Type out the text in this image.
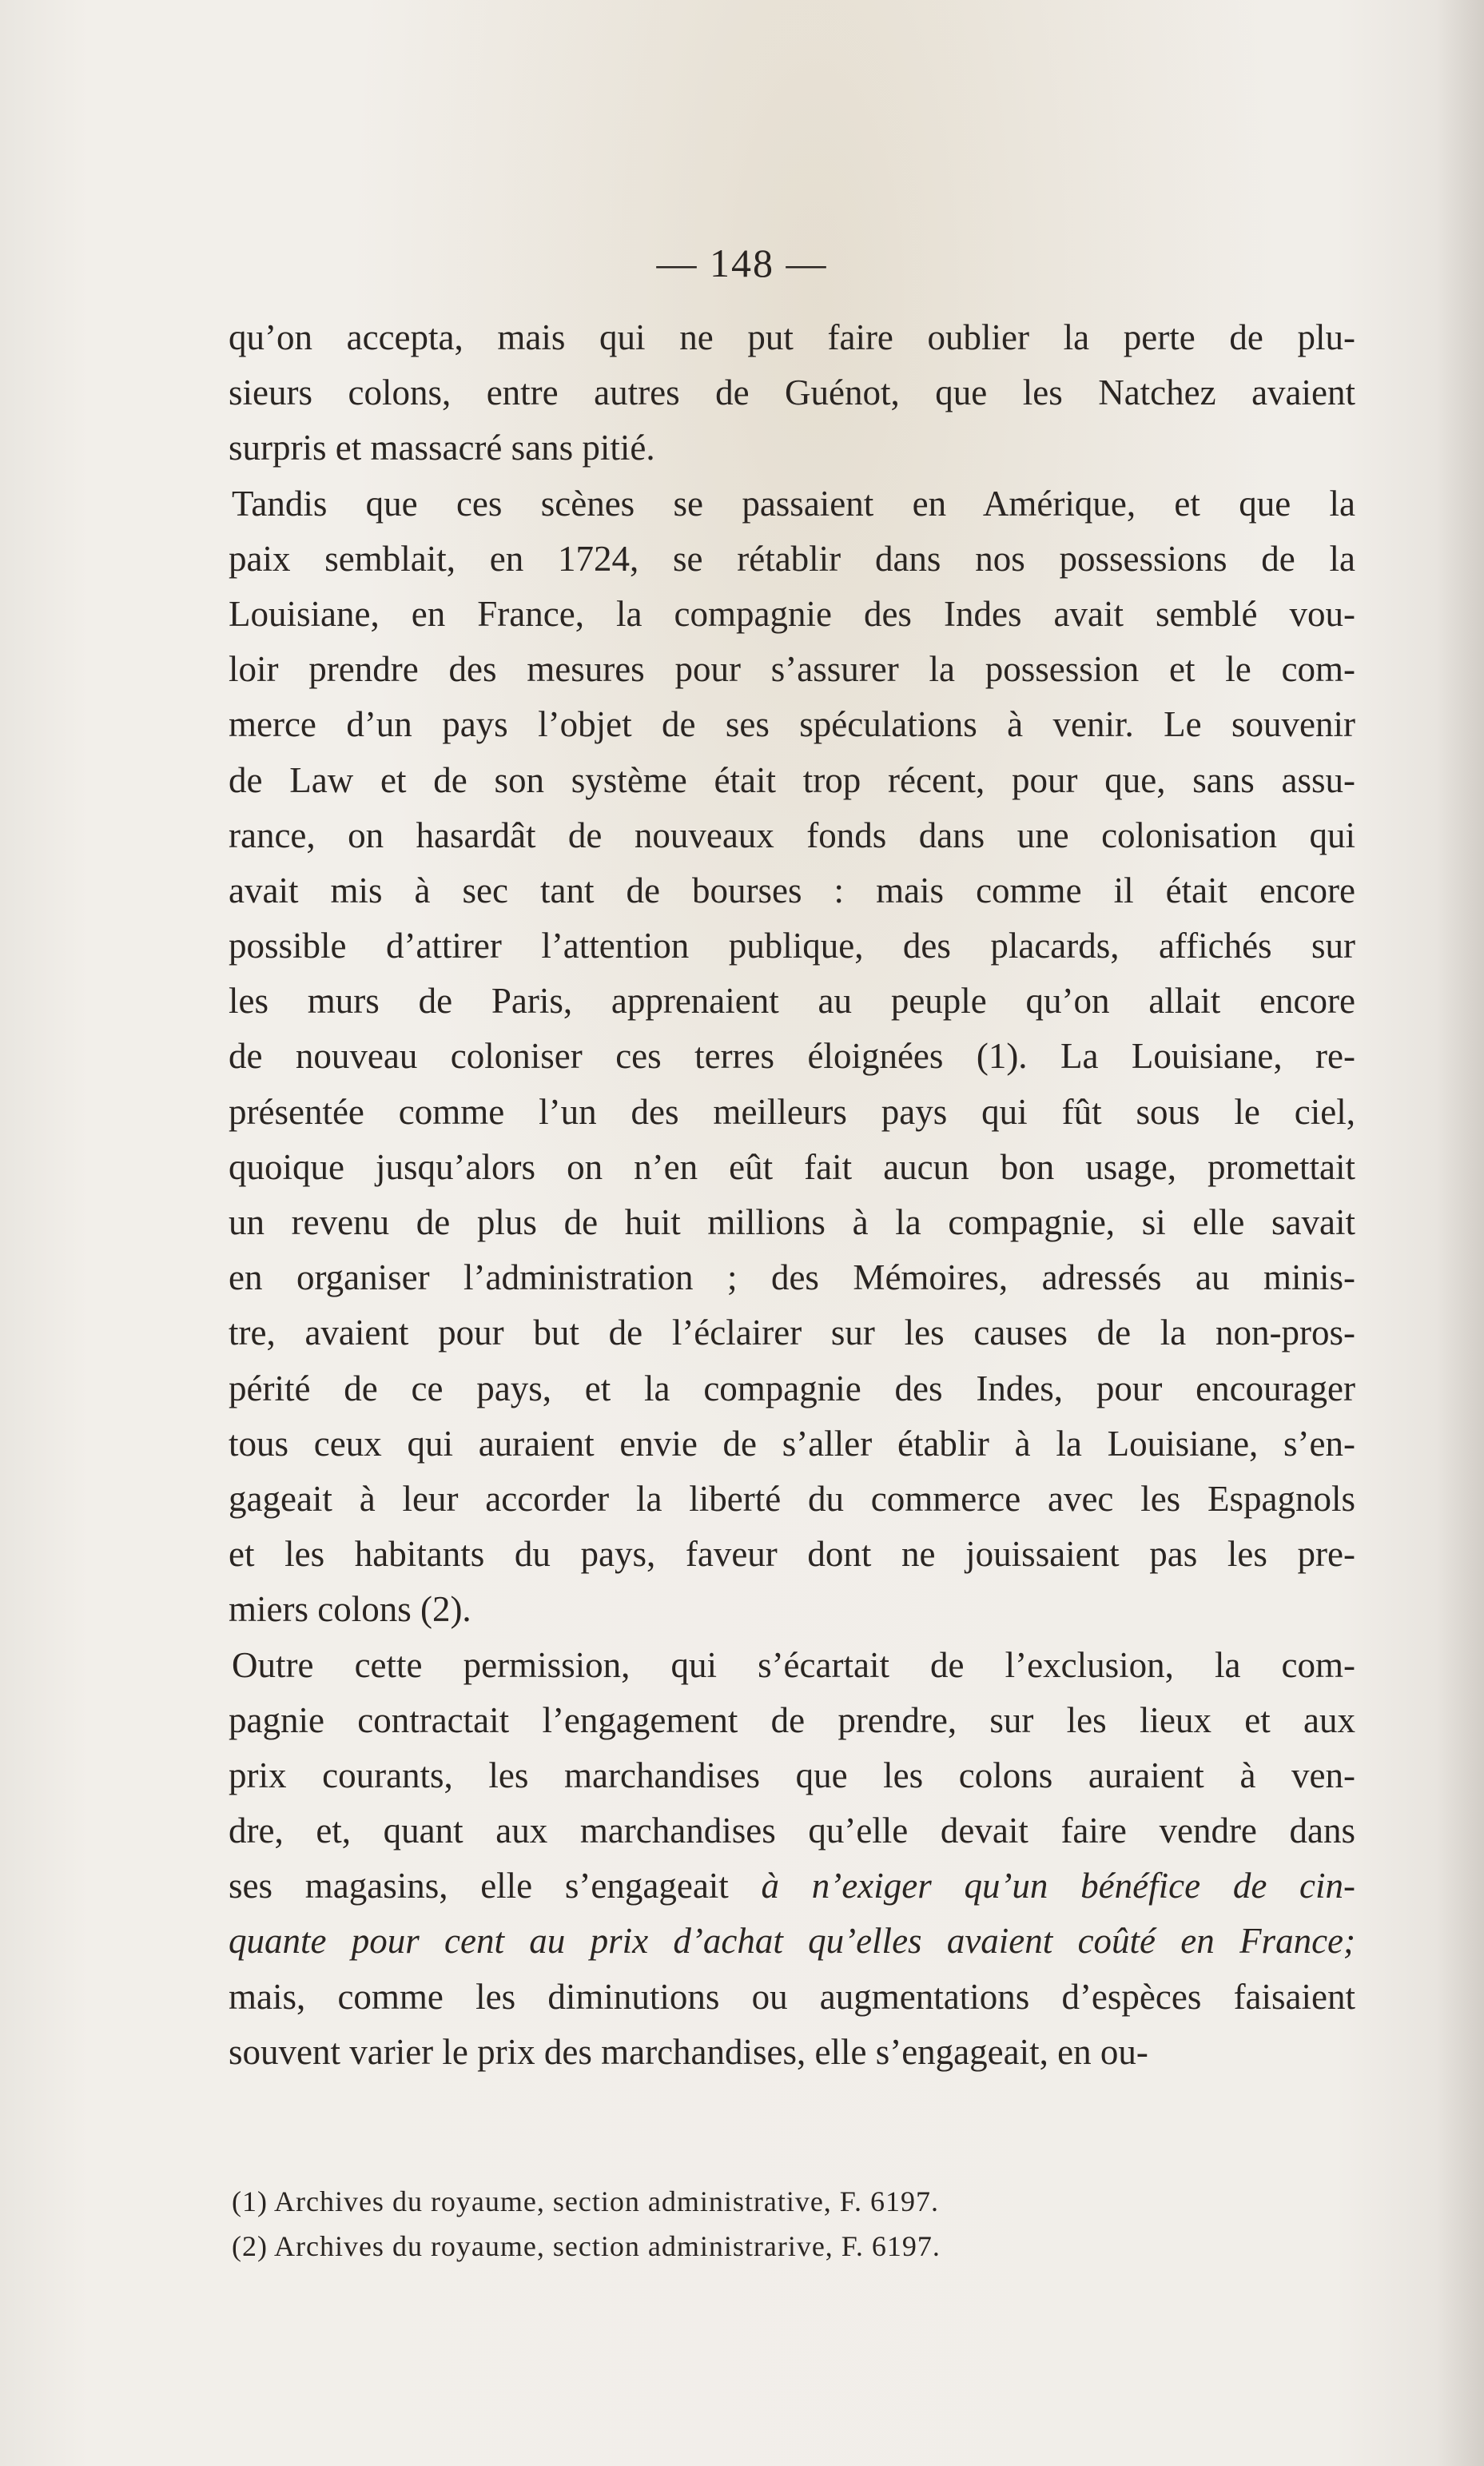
— 148 —
qu’on accepta, mais qui ne put faire oublier la perte de plu-
sieurs colons, entre autres de Guénot, que les Natchez avaient
surpris et massacré sans pitié.
Tandis que ces scènes se passaient en Amérique, et que la
paix semblait, en 1724, se rétablir dans nos possessions de la
Louisiane, en France, la compagnie des Indes avait semblé vou-
loir prendre des mesures pour s’assurer la possession et le com-
merce d’un pays l’objet de ses spéculations à venir. Le souvenir
de Law et de son système était trop récent, pour que, sans assu-
rance, on hasardât de nouveaux fonds dans une colonisation qui
avait mis à sec tant de bourses : mais comme il était encore
possible d’attirer l’attention publique, des placards, affichés sur
les murs de Paris, apprenaient au peuple qu’on allait encore
de nouveau coloniser ces terres éloignées (1). La Louisiane, re-
présentée comme l’un des meilleurs pays qui fût sous le ciel,
quoique jusqu’alors on n’en eût fait aucun bon usage, promettait
un revenu de plus de huit millions à la compagnie, si elle savait
en organiser l’administration ; des Mémoires, adressés au minis-
tre, avaient pour but de l’éclairer sur les causes de la non-pros-
périté de ce pays, et la compagnie des Indes, pour encourager
tous ceux qui auraient envie de s’aller établir à la Louisiane, s’en-
gageait à leur accorder la liberté du commerce avec les Espagnols
et les habitants du pays, faveur dont ne jouissaient pas les pre-
miers colons (2).
Outre cette permission, qui s’écartait de l’exclusion, la com-
pagnie contractait l’engagement de prendre, sur les lieux et aux
prix courants, les marchandises que les colons auraient à ven-
dre, et, quant aux marchandises qu’elle devait faire vendre dans
ses magasins, elle s’engageait à n’exiger qu’un bénéfice de cin-
quante pour cent au prix d’achat qu’elles avaient coûté en France;
mais, comme les diminutions ou augmentations d’espèces faisaient
souvent varier le prix des marchandises, elle s’engageait, en ou-
(1) Archives du royaume, section administrative, F. 6197.
(2) Archives du royaume, section administrarive, F. 6197.
